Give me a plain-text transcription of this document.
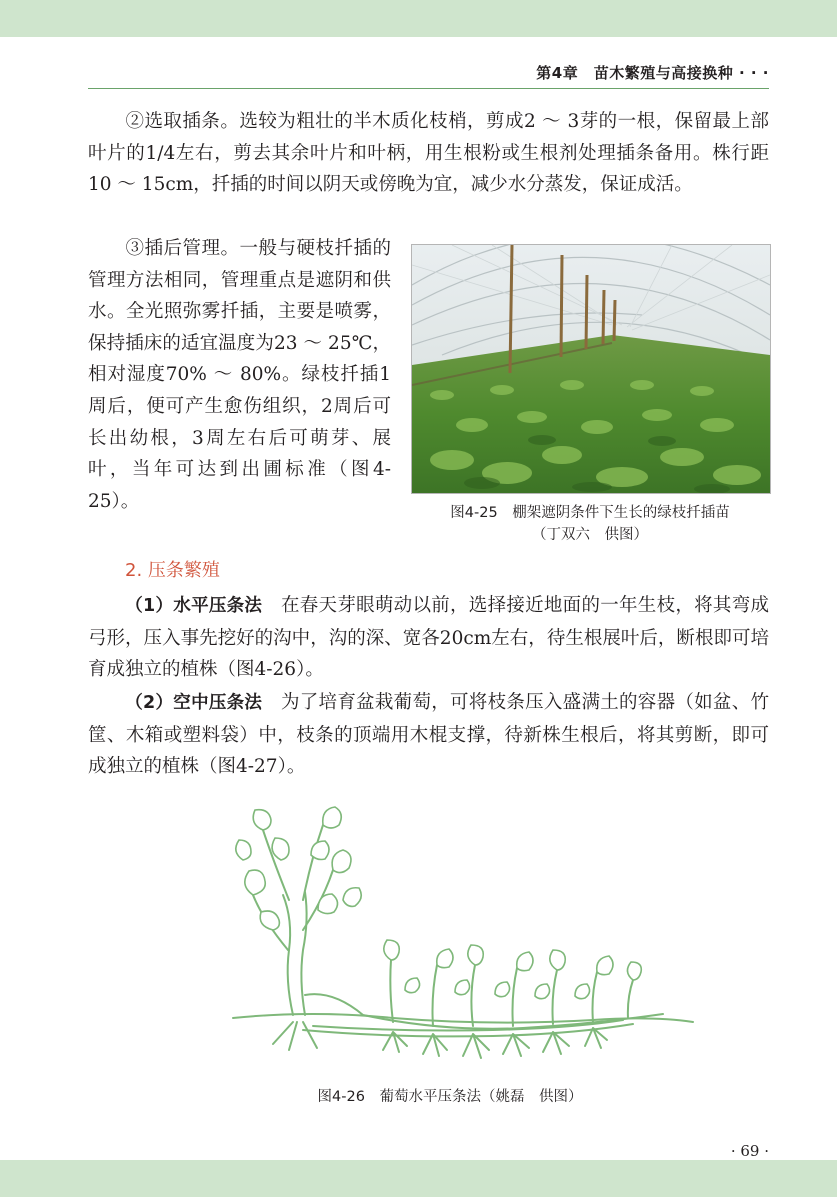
第4章　苗木繁殖与高接换种 · · ·

②选取插条。选较为粗壮的半木质化枝梢，剪成2 ～ 3芽的一根，保留最上部叶片的1/4左右，剪去其余叶片和叶柄，用生根粉或生根剂处理插条备用。株行距10 ～ 15cm，扦插的时间以阴天或傍晚为宜，减少水分蒸发，保证成活。

③插后管理。一般与硬枝扦插的管理方法相同，管理重点是遮阴和供水。全光照弥雾扦插，主要是喷雾，保持插床的适宜温度为23 ～ 25℃，相对湿度70% ～ 80%。绿枝扦插1周后，便可产生愈伤组织，2周后可长出幼根，3周左右后可萌芽、展叶，当年可达到出圃标准（图4-25）。

图4-25　棚架遮阴条件下生长的绿枝扦插苗
（丁双六　供图）
2. 压条繁殖

（1）水平压条法　在春天芽眼萌动以前，选择接近地面的一年生枝，将其弯成弓形，压入事先挖好的沟中，沟的深、宽各20cm左右，待生根展叶后，断根即可培育成独立的植株（图4-26）。

（2）空中压条法　为了培育盆栽葡萄，可将枝条压入盛满土的容器（如盆、竹筐、木箱或塑料袋）中，枝条的顶端用木棍支撑，待新株生根后，将其剪断，即可成独立的植株（图4-27）。

图4-26　葡萄水平压条法（姚磊　供图）
· 69 ·
